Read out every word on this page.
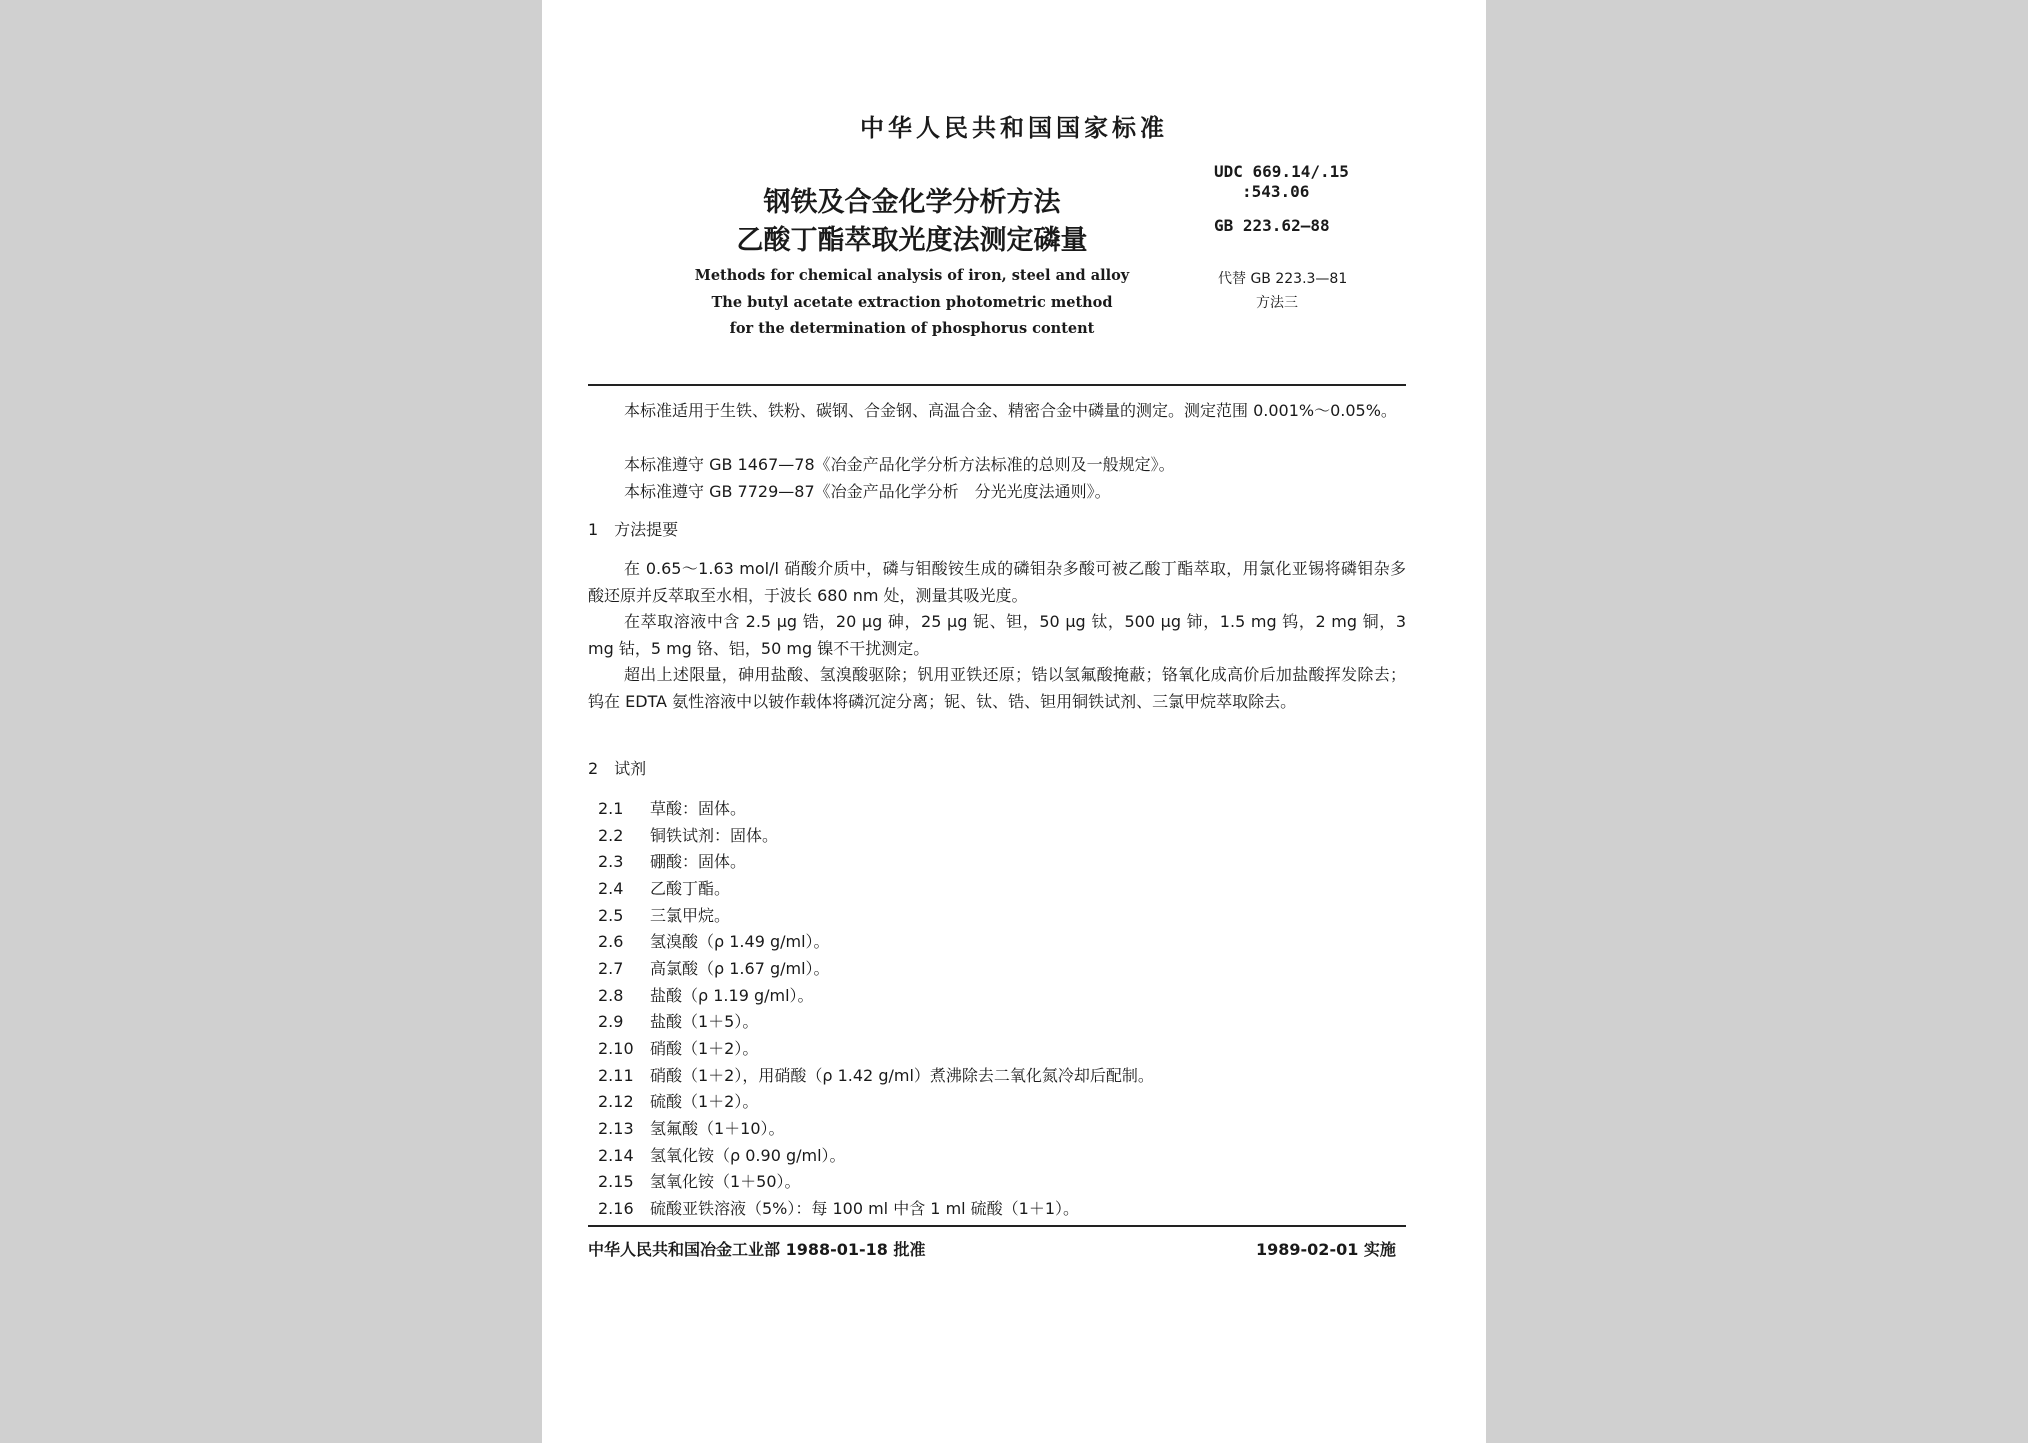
中华人民共和国国家标准
钢铁及合金化学分析方法
乙酸丁酯萃取光度法测定磷量
Methods for chemical analysis of iron, steel and alloy
The butyl acetate extraction photometric method
for the determination of phosphorus content
UDC 669.14/.15
:543.06
GB 223.62—88
代替 GB 223.3—81
方法三
本标准适用于生铁、铁粉、碳钢、合金钢、高温合金、精密合金中磷量的测定。测定范围 0.001%～0.05%。
本标准遵守 GB 1467—78《冶金产品化学分析方法标准的总则及一般规定》。
本标准遵守 GB 7729—87《冶金产品化学分析　分光光度法通则》。
1　方法提要
在 0.65～1.63 mol/l 硝酸介质中，磷与钼酸铵生成的磷钼杂多酸可被乙酸丁酯萃取，用氯化亚锡将磷钼杂多酸还原并反萃取至水相，于波长 680 nm 处，测量其吸光度。
在萃取溶液中含 2.5 μg 锆，20 μg 砷，25 μg 铌、钽，50 μg 钛，500 μg 铈，1.5 mg 钨，2 mg 铜，3 mg 钴，5 mg 铬、铝，50 mg 镍不干扰测定。
超出上述限量，砷用盐酸、氢溴酸驱除；钒用亚铁还原；锆以氢氟酸掩蔽；铬氧化成高价后加盐酸挥发除去；钨在 EDTA 氨性溶液中以铍作载体将磷沉淀分离；铌、钛、锆、钽用铜铁试剂、三氯甲烷萃取除去。
2　试剂
2.1 草酸：固体。
2.2 铜铁试剂：固体。
2.3 硼酸：固体。
2.4 乙酸丁酯。
2.5 三氯甲烷。
2.6 氢溴酸（ρ 1.49 g/ml）。
2.7 高氯酸（ρ 1.67 g/ml）。
2.8 盐酸（ρ 1.19 g/ml）。
2.9 盐酸（1＋5）。
2.10 硝酸（1＋2）。
2.11 硝酸（1＋2），用硝酸（ρ 1.42 g/ml）煮沸除去二氧化氮冷却后配制。
2.12 硫酸（1＋2）。
2.13 氢氟酸（1＋10）。
2.14 氢氧化铵（ρ 0.90 g/ml）。
2.15 氢氧化铵（1＋50）。
2.16 硫酸亚铁溶液（5%）：每 100 ml 中含 1 ml 硫酸（1＋1）。
中华人民共和国冶金工业部 1988-01-18 批准	1989-02-01 实施
